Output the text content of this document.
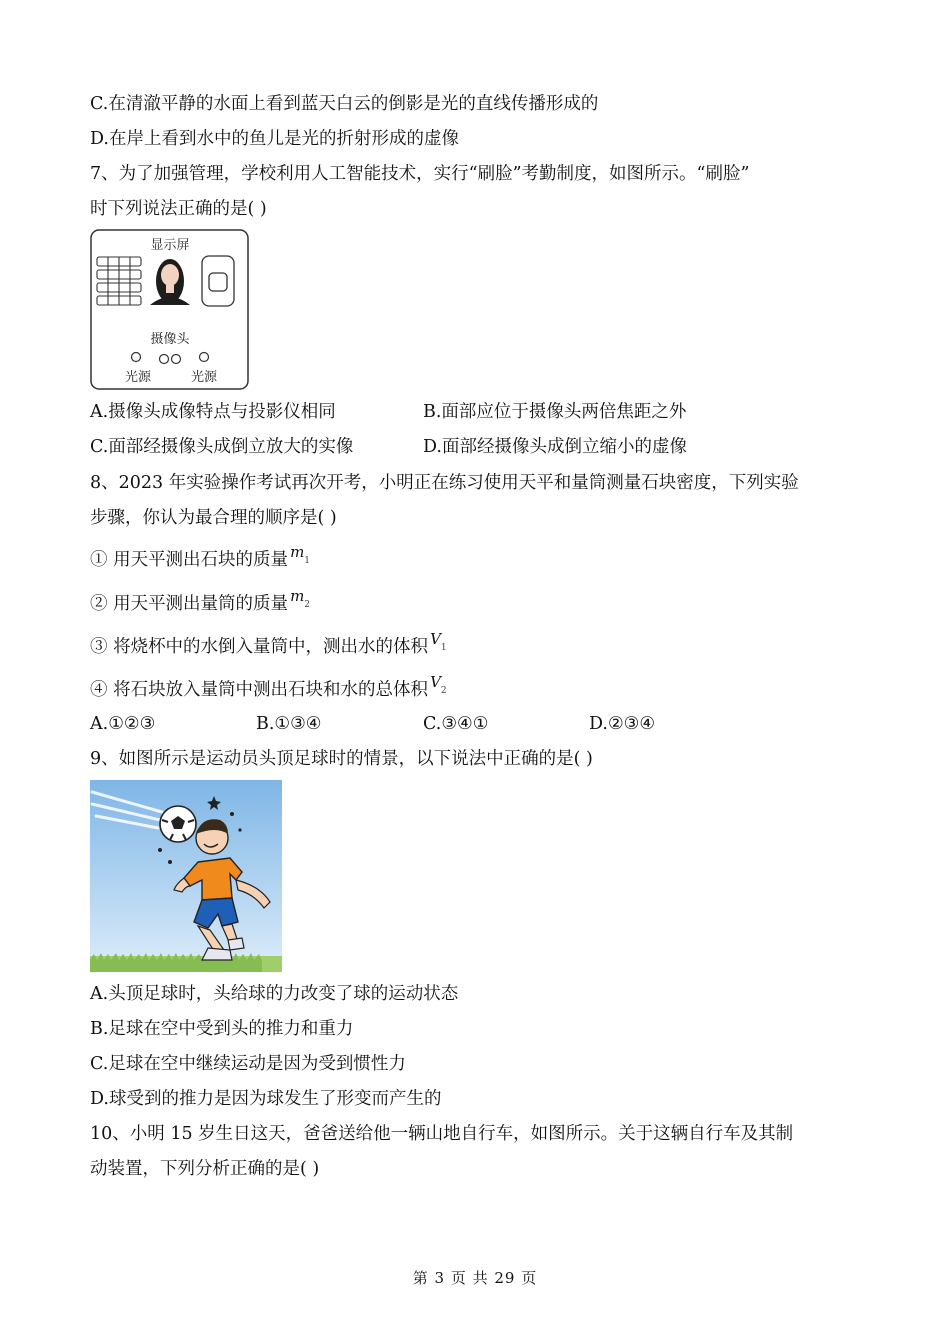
C.在清澈平静的水面上看到蓝天白云的倒影是光的直线传播形成的
D.在岸上看到水中的鱼儿是光的折射形成的虚像
7、为了加强管理，学校利用人工智能技术，实行“刷脸”考勤制度，如图所示。“刷脸”
时下列说法正确的是( )
显示屏
摄像头
光源	光源
A.摄像头成像特点与投影仪相同	B.面部应位于摄像头两倍焦距之外
C.面部经摄像头成倒立放大的实像	D.面部经摄像头成倒立缩小的虚像
8、2023 年实验操作考试再次开考，小明正在练习使用天平和量筒测量石块密度，下列实验
步骤，你认为最合理的顺序是( )
① 用天平测出石块的质量 m1
② 用天平测出量筒的质量 m2
③ 将烧杯中的水倒入量筒中，测出水的体积 V1
④ 将石块放入量筒中测出石块和水的总体积 V2
A.①②③	B.①③④	C.③④①	D.②③④
9、如图所示是运动员头顶足球时的情景，以下说法中正确的是( )
A.头顶足球时，头给球的力改变了球的运动状态
B.足球在空中受到头的推力和重力
C.足球在空中继续运动是因为受到惯性力
D.球受到的推力是因为球发生了形变而产生的
10、小明 15 岁生日这天，爸爸送给他一辆山地自行车，如图所示。关于这辆自行车及其制
动装置，下列分析正确的是( )
第 3 页 共 29 页
